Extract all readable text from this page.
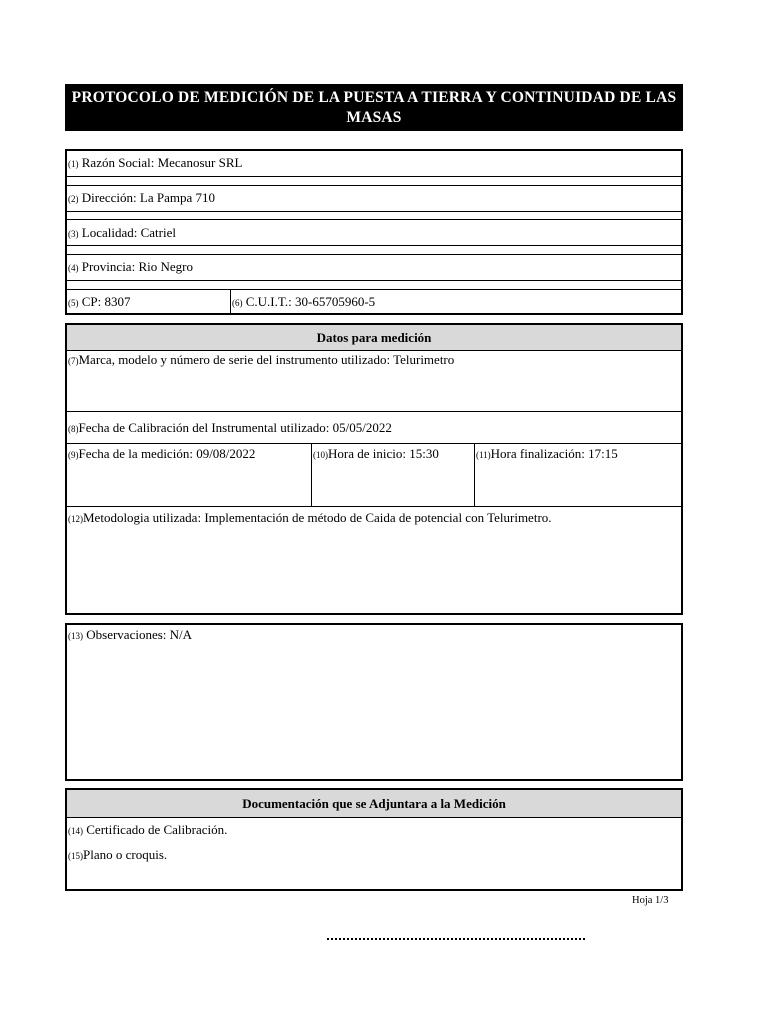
PROTOCOLO DE MEDICIÓN DE LA PUESTA A TIERRA Y CONTINUIDAD DE LAS MASAS
(1) Razón Social: Mecanosur SRL
(2) Dirección: La Pampa 710
(3) Localidad: Catriel
(4) Provincia: Rio Negro
(5) CP: 8307	(6) C.U.I.T.: 30-65705960-5
Datos para medición
(7)Marca, modelo y número de serie del instrumento utilizado: Telurimetro
(8)Fecha de Calibración del Instrumental utilizado: 05/05/2022
(9)Fecha de la medición: 09/08/2022	(10)Hora de inicio: 15:30	(11)Hora finalización: 17:15
(12)Metodologia utilizada: Implementación de método de Caida de potencial con Telurimetro.
(13) Observaciones: N/A
Documentación que se Adjuntara a la Medición
(14) Certificado de Calibración.
(15)Plano o croquis.
Hoja 1/3
